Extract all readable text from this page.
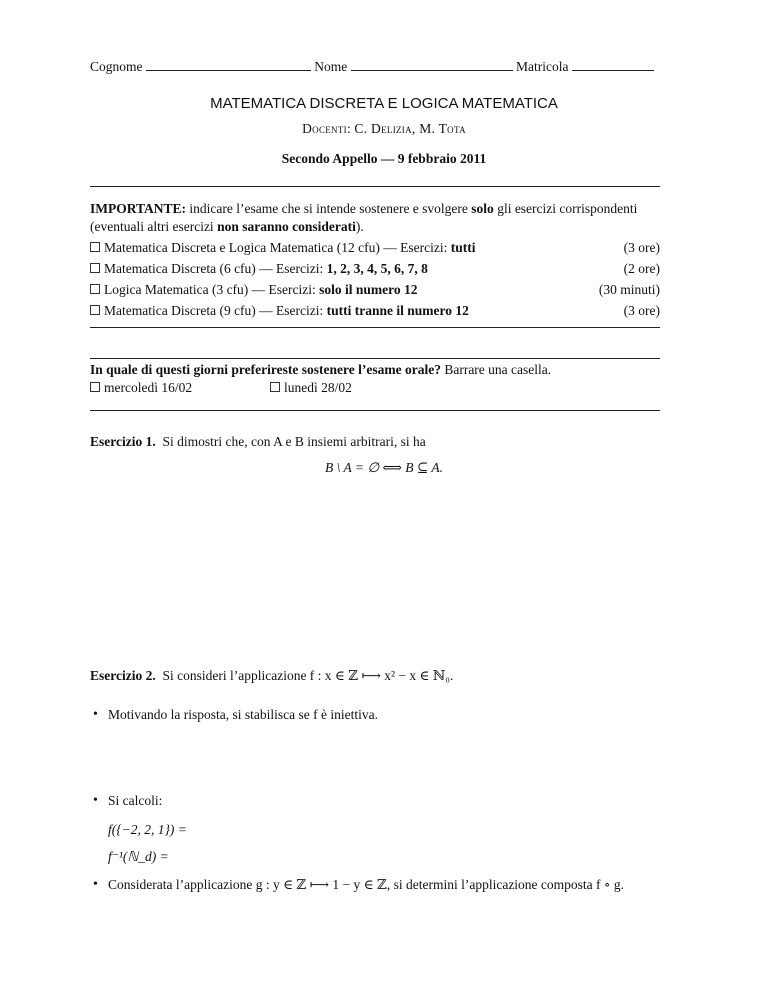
Cognome	Nome	Matricola
MATEMATICA DISCRETA E LOGICA MATEMATICA
Docenti: C. Delizia, M. Tota
Secondo Appello — 9 febbraio 2011
IMPORTANTE: indicare l’esame che si intende sostenere e svolgere solo gli esercizi corrispondenti
(eventuali altri esercizi non saranno considerati).
Matematica Discreta e Logica Matematica (12 cfu) — Esercizi: tutti	(3 ore)
Matematica Discreta (6 cfu) — Esercizi: 1, 2, 3, 4, 5, 6, 7, 8	(2 ore)
Logica Matematica (3 cfu) — Esercizi: solo il numero 12	(30 minuti)
Matematica Discreta (9 cfu) — Esercizi: tutti tranne il numero 12	(3 ore)
In quale di questi giorni preferireste sostenere l’esame orale? Barrare una casella.
mercoledì 16/02	lunedì 28/02
Esercizio 1. Si dimostri che, con A e B insiemi arbitrari, si ha
B \ A = ∅ ⟺ B ⊆ A.
Esercizio 2. Si consideri l’applicazione f : x ∈ ℤ ⟼ x² − x ∈ ℕ₀.
• Motivando la risposta, si stabilisca se f è iniettiva.
• Si calcoli:
f({−2, 2, 1}) =
f⁻¹(ℕ_d) =
• Considerata l’applicazione g : y ∈ ℤ ⟼ 1 − y ∈ ℤ, si determini l’applicazione composta f ∘ g.
